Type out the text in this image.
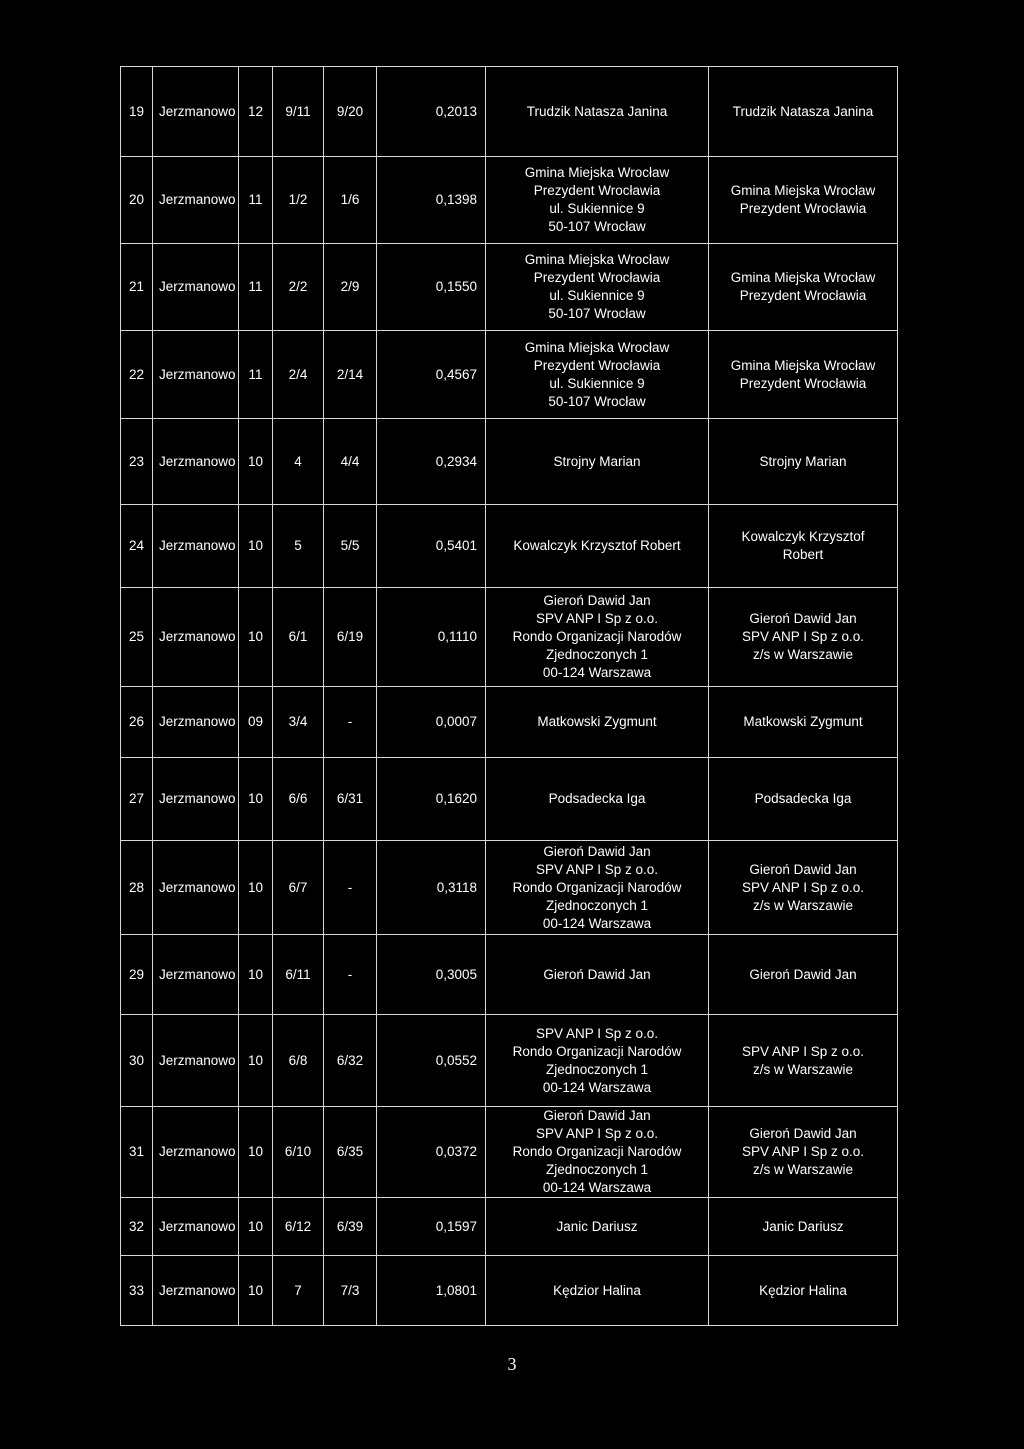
19	Jerzmanowo	12	9/11	9/20	0,2013	Trudzik Natasza Janina	Trudzik Natasza Janina

20	Jerzmanowo	11	1/2	1/6	0,1398	Gmina Miejska Wrocław
Prezydent Wrocławia
ul. Sukiennice 9
50-107 Wrocław	Gmina Miejska Wrocław
Prezydent Wrocławia

21	Jerzmanowo	11	2/2	2/9	0,1550	Gmina Miejska Wrocław
Prezydent Wrocławia
ul. Sukiennice 9
50-107 Wrocław	Gmina Miejska Wrocław
Prezydent Wrocławia

22	Jerzmanowo	11	2/4	2/14	0,4567	Gmina Miejska Wrocław
Prezydent Wrocławia
ul. Sukiennice 9
50-107 Wrocław	Gmina Miejska Wrocław
Prezydent Wrocławia

23	Jerzmanowo	10	4	4/4	0,2934	Strojny Marian	Strojny Marian

24	Jerzmanowo	10	5	5/5	0,5401	Kowalczyk Krzysztof Robert	Kowalczyk Krzysztof
Robert

25	Jerzmanowo	10	6/1	6/19	0,1110	Gieroń Dawid Jan
SPV ANP I Sp z o.o.
Rondo Organizacji Narodów
Zjednoczonych 1
00-124 Warszawa	Gieroń Dawid Jan
SPV ANP I Sp z o.o.
z/s w Warszawie

26	Jerzmanowo	09	3/4	-	0,0007	Matkowski Zygmunt	Matkowski Zygmunt

27	Jerzmanowo	10	6/6	6/31	0,1620	Podsadecka Iga	Podsadecka Iga

28	Jerzmanowo	10	6/7	-	0,3118	Gieroń Dawid Jan
SPV ANP I Sp z o.o.
Rondo Organizacji Narodów
Zjednoczonych 1
00-124 Warszawa	Gieroń Dawid Jan
SPV ANP I Sp z o.o.
z/s w Warszawie

29	Jerzmanowo	10	6/11	-	0,3005	Gieroń Dawid Jan	Gieroń Dawid Jan

30	Jerzmanowo	10	6/8	6/32	0,0552	SPV ANP I Sp z o.o.
Rondo Organizacji Narodów
Zjednoczonych 1
00-124 Warszawa	SPV ANP I Sp z o.o.
z/s w Warszawie

31	Jerzmanowo	10	6/10	6/35	0,0372	Gieroń Dawid Jan
SPV ANP I Sp z o.o.
Rondo Organizacji Narodów
Zjednoczonych 1
00-124 Warszawa	Gieroń Dawid Jan
SPV ANP I Sp z o.o.
z/s w Warszawie

32	Jerzmanowo	10	6/12	6/39	0,1597	Janic Dariusz	Janic Dariusz

33	Jerzmanowo	10	7	7/3	1,0801	Kędzior Halina	Kędzior Halina
3
